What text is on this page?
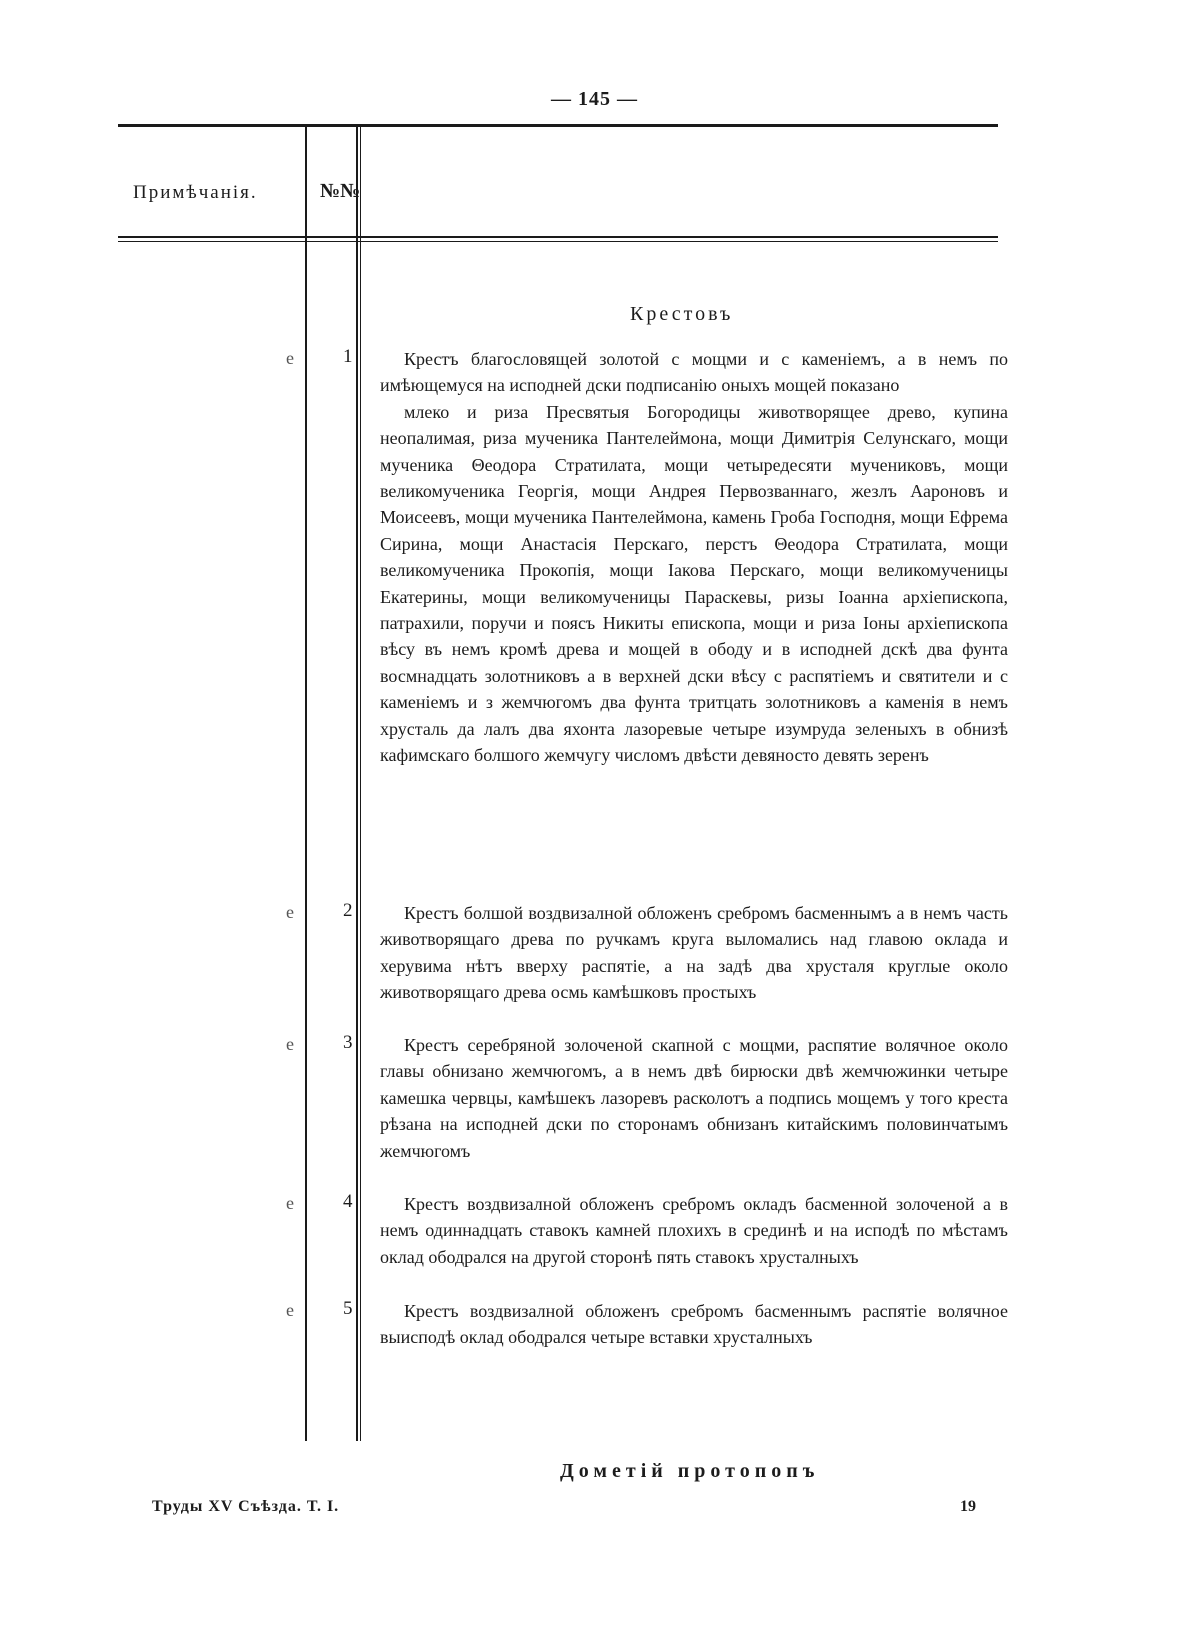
— 145 —
Примѣчанія.	№№
Крестовъ
е	1	Крестъ благословящей золотой с мощми и с каменіемъ, а в немъ по имѣющемуся на исподней дски подписанію оныхъ мощей показано

млеко и риза Пресвятыя Богородицы животворящее древо, купина неопалимая, риза мученика Пантелеймона, мощи Димитрія Селунскаго, мощи мученика Θеодора Стратилата, мощи четыредесяти мучениковъ, мощи великомученика Георгія, мощи Андрея Первозваннаго, жезлъ Аароновъ и Моисеевъ, мощи мученика Пантелеймона, камень Гроба Господня, мощи Ефрема Сирина, мощи Анастасія Перскаго, перстъ Θеодора Стратилата, мощи великомученика Прокопія, мощи Іакова Перскаго, мощи великомученицы Екатерины, мощи великомученицы Параскевы, ризы Іоанна архіепископа, патрахили, поручи и поясъ Никиты епископа, мощи и риза Іоны архіепископа вѣсу въ немъ кромѣ древа и мощей в ободу и в исподней дскѣ два фунта восмнадцать золотниковъ а в верхней дски вѣсу с распятіемъ и святители и с каменіемъ и з жемчюгомъ два фунта тритцать золотниковъ а каменія в немъ хрусталь да лалъ два яхонта лазоревые четыре изумруда зеленыхъ в обнизѣ кафимскаго болшого жемчугу числомъ двѣсти девяносто девять зеренъ

е	2	Крестъ болшой воздвизалной обложенъ сребромъ басменнымъ а в немъ часть животворящаго древа по ручкамъ круга выломались над главою оклада и херувима нѣтъ вверху распятіе, а на задѣ два хрусталя круглые около животворящаго древа осмь камѣшковъ простыхъ

е	3	Крестъ серебряной золоченой скапной с мощми, распятие волячное около главы обнизано жемчюгомъ, а в немъ двѣ бирюски двѣ жемчюжинки четыре камешка червцы, камѣшекъ лазоревъ расколотъ а подпись мощемъ у того креста рѣзана на исподней дски по сторонамъ обнизанъ китайскимъ половинчатымъ жемчюгомъ

е	4	Крестъ воздвизалной обложенъ сребромъ окладъ басменной золоченой а в немъ одиннадцать ставокъ камней плохихъ в срединѣ и на исподѣ по мѣстамъ оклад ободрался на другой сторонѣ пять ставокъ хрусталныхъ

е	5	Крестъ воздвизалной обложенъ сребромъ басменнымъ распятіе волячное выисподѣ оклад ободрался четыре вставки хрусталныхъ

Дометій протопопъ
Труды XV Съѣзда. Т. I.	19
